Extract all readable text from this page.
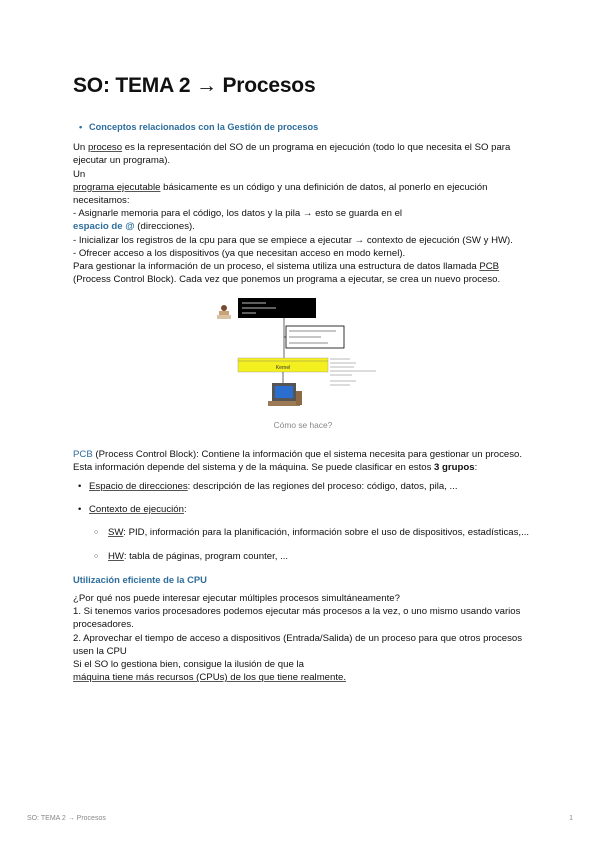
SO: TEMA 2 → Procesos
• Conceptos relacionados con la Gestión de procesos

Un proceso es la representación del SO de un programa en ejecución (todo lo que necesita el SO para ejecutar un programa).

Un

programa ejecutable básicamente es un código y una definición de datos, al ponerlo en ejecución necesitamos:

- Asignarle memoria para el código, los datos y la pila → esto se guarda en el

espacio de @ (direcciones).

- Inicializar los registros de la cpu para que se empiece a ejecutar → contexto de ejecución (SW y HW).

- Ofrecer acceso a los dispositivos (ya que necesitan acceso en modo kernel).

Para gestionar la información de un proceso, el sistema utiliza una estructura de datos llamada PCB (Process Control Block). Cada vez que ponemos un programa a ejecutar, se crea un nuevo proceso.

Kernel
Cómo se hace?

PCB (Process Control Block): Contiene la información que el sistema necesita para gestionar un proceso. Esta información depende del sistema y de la máquina. Se puede clasificar en estos 3 grupos:

• Espacio de direcciones: descripción de las regiones del proceso: código, datos, pila, ...
• Contexto de ejecución:
○ SW: PID, información para la planificación, información sobre el uso de dispositivos, estadísticas,...
○ HW: tabla de páginas, program counter, ...
Utilización eficiente de la CPU

¿Por qué nos puede interesar ejecutar múltiples procesos simultáneamente?

1. Si tenemos varios procesadores podemos ejecutar más procesos a la vez, o uno mismo usando varios procesadores.

2. Aprovechar el tiempo de acceso a dispositivos (Entrada/Salida) de un proceso para que otros procesos usen la CPU

Si el SO lo gestiona bien, consigue la ilusión de que la

máquina tiene más recursos (CPUs) de los que tiene realmente.

SO: TEMA 2 → Procesos	1
